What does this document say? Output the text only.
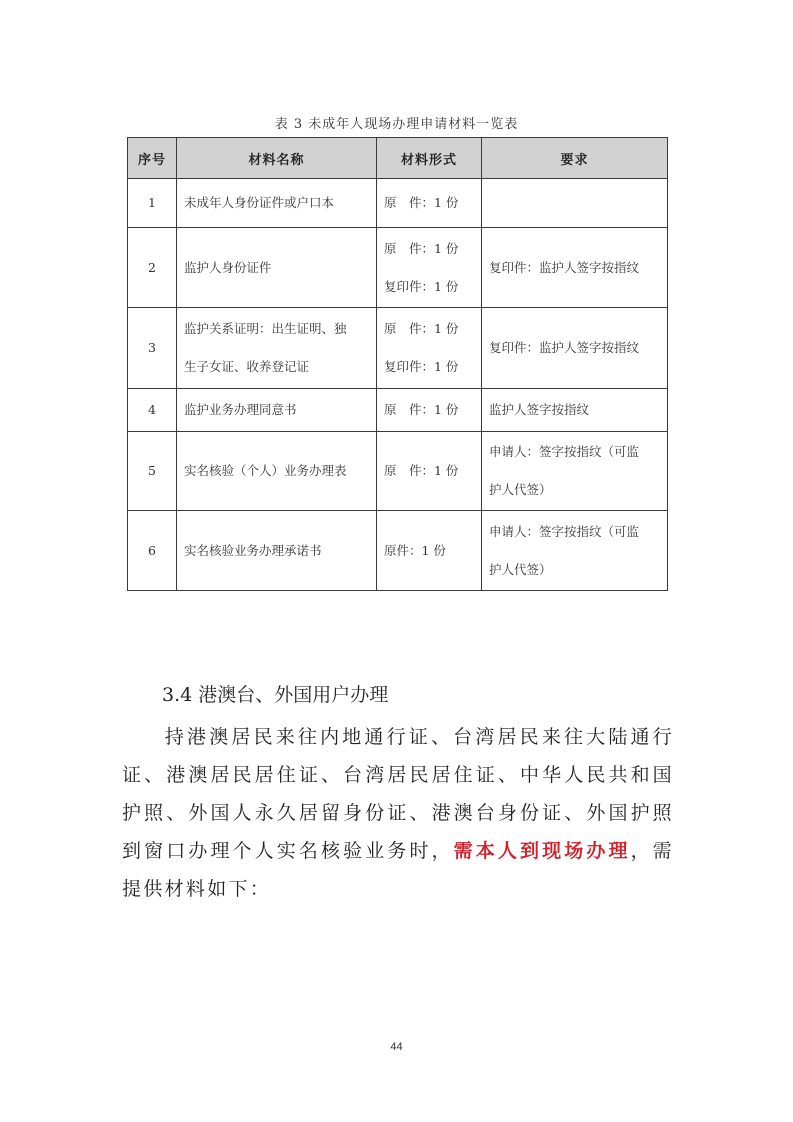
表 3 未成年人现场办理申请材料一览表
序号	材料名称	材料形式	要求
1	未成年人身份证件或户口本	原　件：1 份	

2	监护人身份证件	原　件：1 份
复印件：1 份	复印件：监护人签字按指纹

3	监护关系证明：出生证明、独
生子女证、收养登记证	原　件：1 份
复印件：1 份	复印件：监护人签字按指纹

4	监护业务办理同意书	原　件：1 份	监护人签字按指纹

5	实名核验（个人）业务办理表	原　件：1 份	申请人：签字按指纹（可监
护人代签）

6	实名核验业务办理承诺书	原件：1 份	申请人：签字按指纹（可监
护人代签）
3.4 港澳台、外国用户办理
持港澳居民来往内地通行证、台湾居民来往大陆通行证、港澳居民居住证、台湾居民居住证、中华人民共和国护照、外国人永久居留身份证、港澳台身份证、外国护照到窗口办理个人实名核验业务时，需本人到现场办理，需提供材料如下：
44
